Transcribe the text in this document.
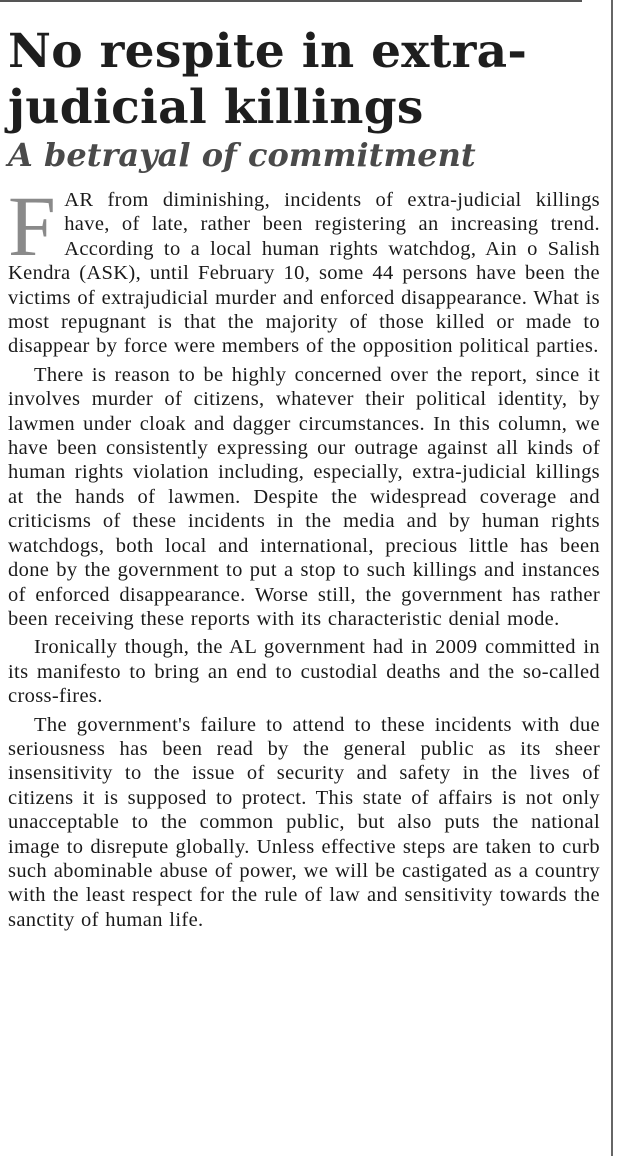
No respite in extra-judicial killings
A betrayal of commitment

FAR from diminishing, incidents of extra-judicial killings have, of late, rather been registering an increasing trend. According to a local human rights watchdog, Ain o Salish Kendra (ASK), until February 10, some 44 persons have been the victims of extrajudicial murder and enforced disappearance. What is most repugnant is that the majority of those killed or made to disappear by force were members of the opposition political parties.

There is reason to be highly concerned over the report, since it involves murder of citizens, whatever their political identity, by lawmen under cloak and dagger circumstances. In this column, we have been consistently expressing our outrage against all kinds of human rights violation including, especially, extra-judicial killings at the hands of lawmen. Despite the widespread coverage and criticisms of these incidents in the media and by human rights watchdogs, both local and international, precious little has been done by the government to put a stop to such killings and instances of enforced disappearance. Worse still, the government has rather been receiving these reports with its characteristic denial mode.

Ironically though, the AL government had in 2009 committed in its manifesto to bring an end to custodial deaths and the so-called cross-fires.

The government's failure to attend to these incidents with due seriousness has been read by the general public as its sheer insensitivity to the issue of security and safety in the lives of citizens it is supposed to protect. This state of affairs is not only unacceptable to the common public, but also puts the national image to disrepute globally. Unless effective steps are taken to curb such abominable abuse of power, we will be castigated as a country with the least respect for the rule of law and sensitivity towards the sanctity of human life.
